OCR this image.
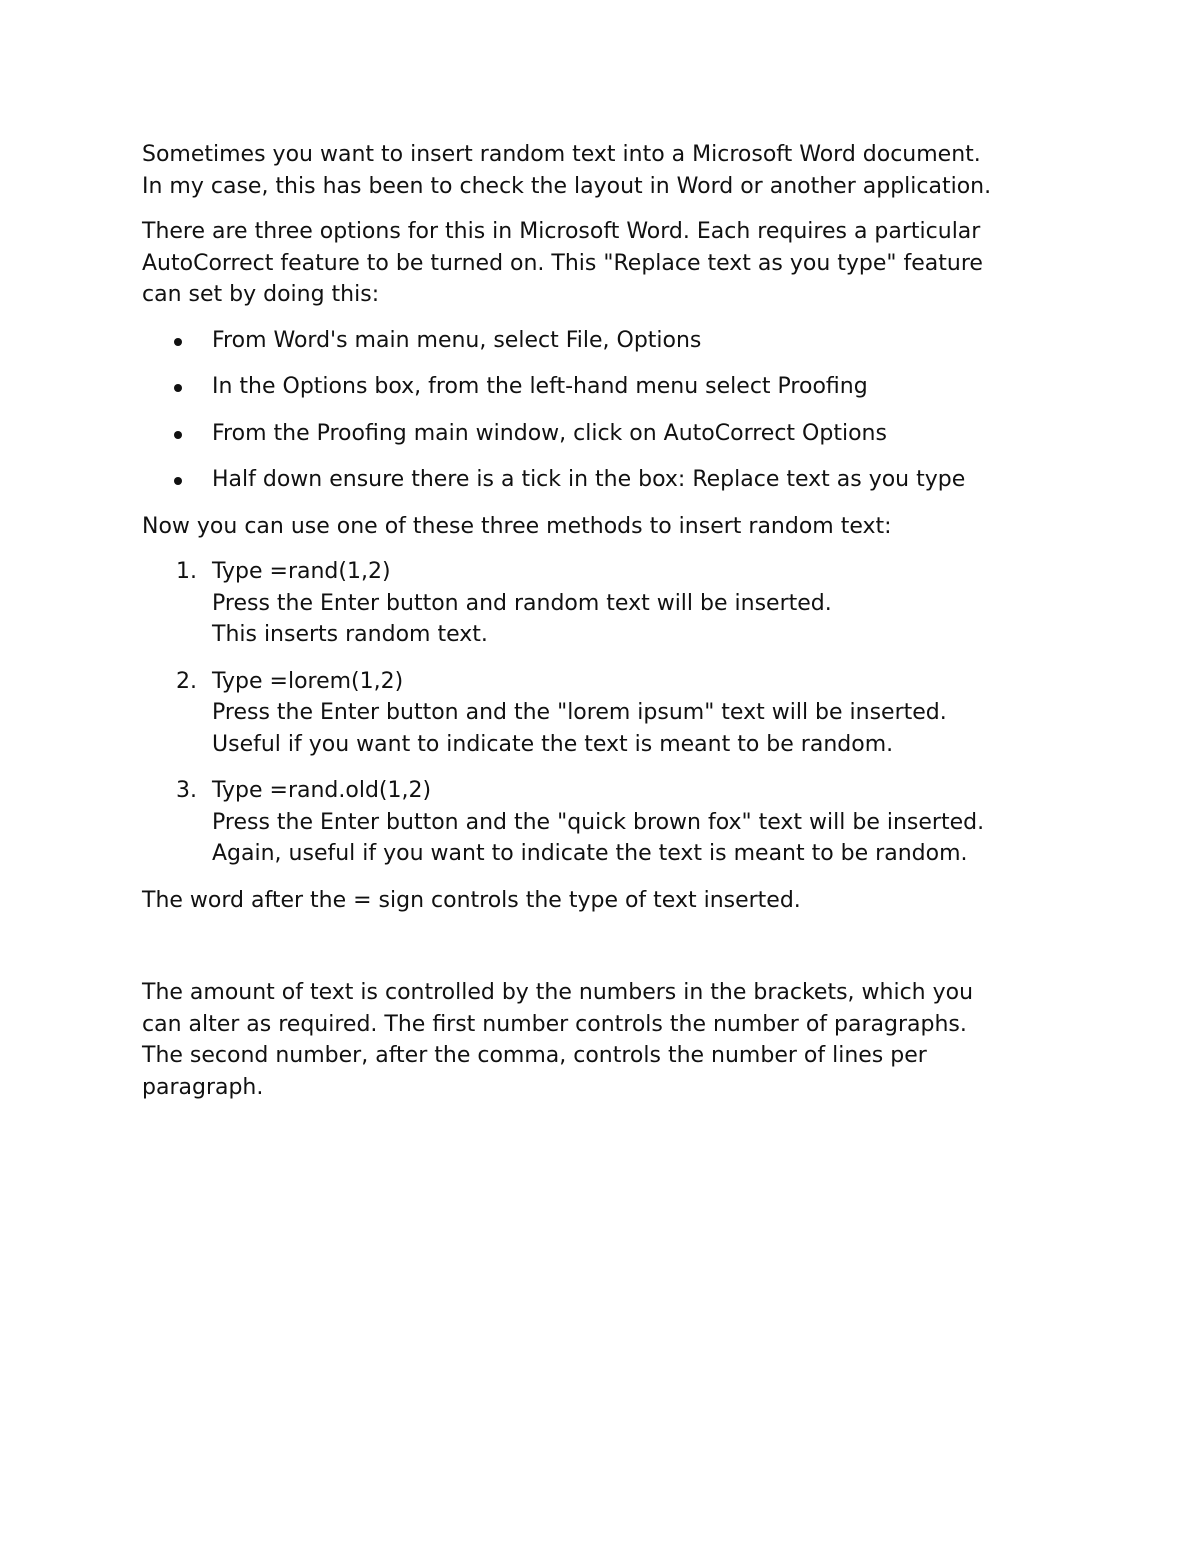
Sometimes you want to insert random text into a Microsoft Word document.
In my case, this has been to check the layout in Word or another application.

There are three options for this in Microsoft Word. Each requires a particular
AutoCorrect feature to be turned on. This "Replace text as you type" feature
can set by doing this:

From Word's main menu, select File, Options
In the Options box, from the left-hand menu select Proofing
From the Proofing main window, click on AutoCorrect Options
Half down ensure there is a tick in the box: Replace text as you type

Now you can use one of these three methods to insert random text:

1. Type =rand(1,2)
Press the Enter button and random text will be inserted.
This inserts random text.
2. Type =lorem(1,2)
Press the Enter button and the "lorem ipsum" text will be inserted.
Useful if you want to indicate the text is meant to be random.
3. Type =rand.old(1,2)
Press the Enter button and the "quick brown fox" text will be inserted.
Again, useful if you want to indicate the text is meant to be random.

The word after the = sign controls the type of text inserted.

The amount of text is controlled by the numbers in the brackets, which you
can alter as required. The first number controls the number of paragraphs.
The second number, after the comma, controls the number of lines per
paragraph.
